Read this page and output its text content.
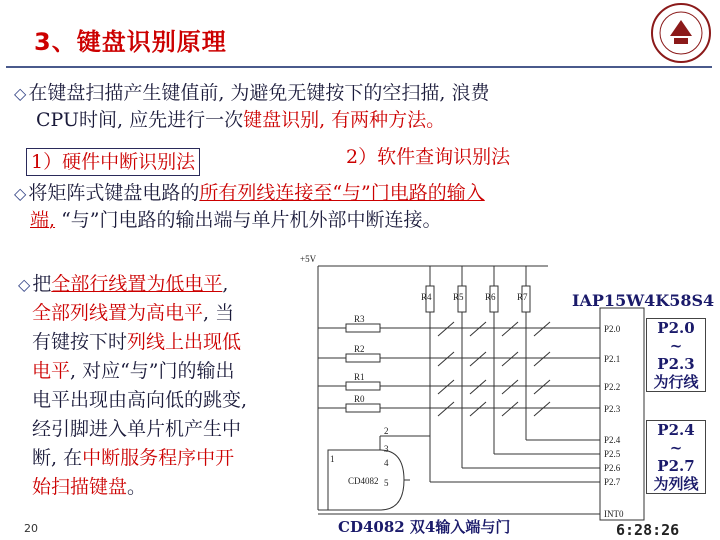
3、键盘识别原理
◇ 在键盘扫描产生键值前, 为避免无键按下的空扫描, 浪费
CPU时间, 应先进行一次键盘识别, 有两种方法。
1）硬件中断识别法	2）软件查询识别法
◇ 将矩阵式键盘电路的所有列线连接至“与”门电路的输入
端, “与”门电路的输出端与单片机外部中断连接。
◇ 把全部行线置为低电平,
全部列线置为高电平, 当
有键按下时列线上出现低
电平, 对应“与”门的输出
电平出现由高向低的跳变,
经引脚进入单片机产生中
断, 在中断服务程序中开
始扫描键盘。
+5V
R4 R5 R6 R7
R3
R2
R1
R0
CD4082
2
3
4
5
1
P2.0
P2.1
P2.2
P2.3
P2.4
P2.5
P2.6
P2.7
INT0
IAP15W4K58S4
P2.0
~
P2.3
为行线
P2.4
~
P2.7
为列线
CD4082 双4输入端与门
20	6:28:26
